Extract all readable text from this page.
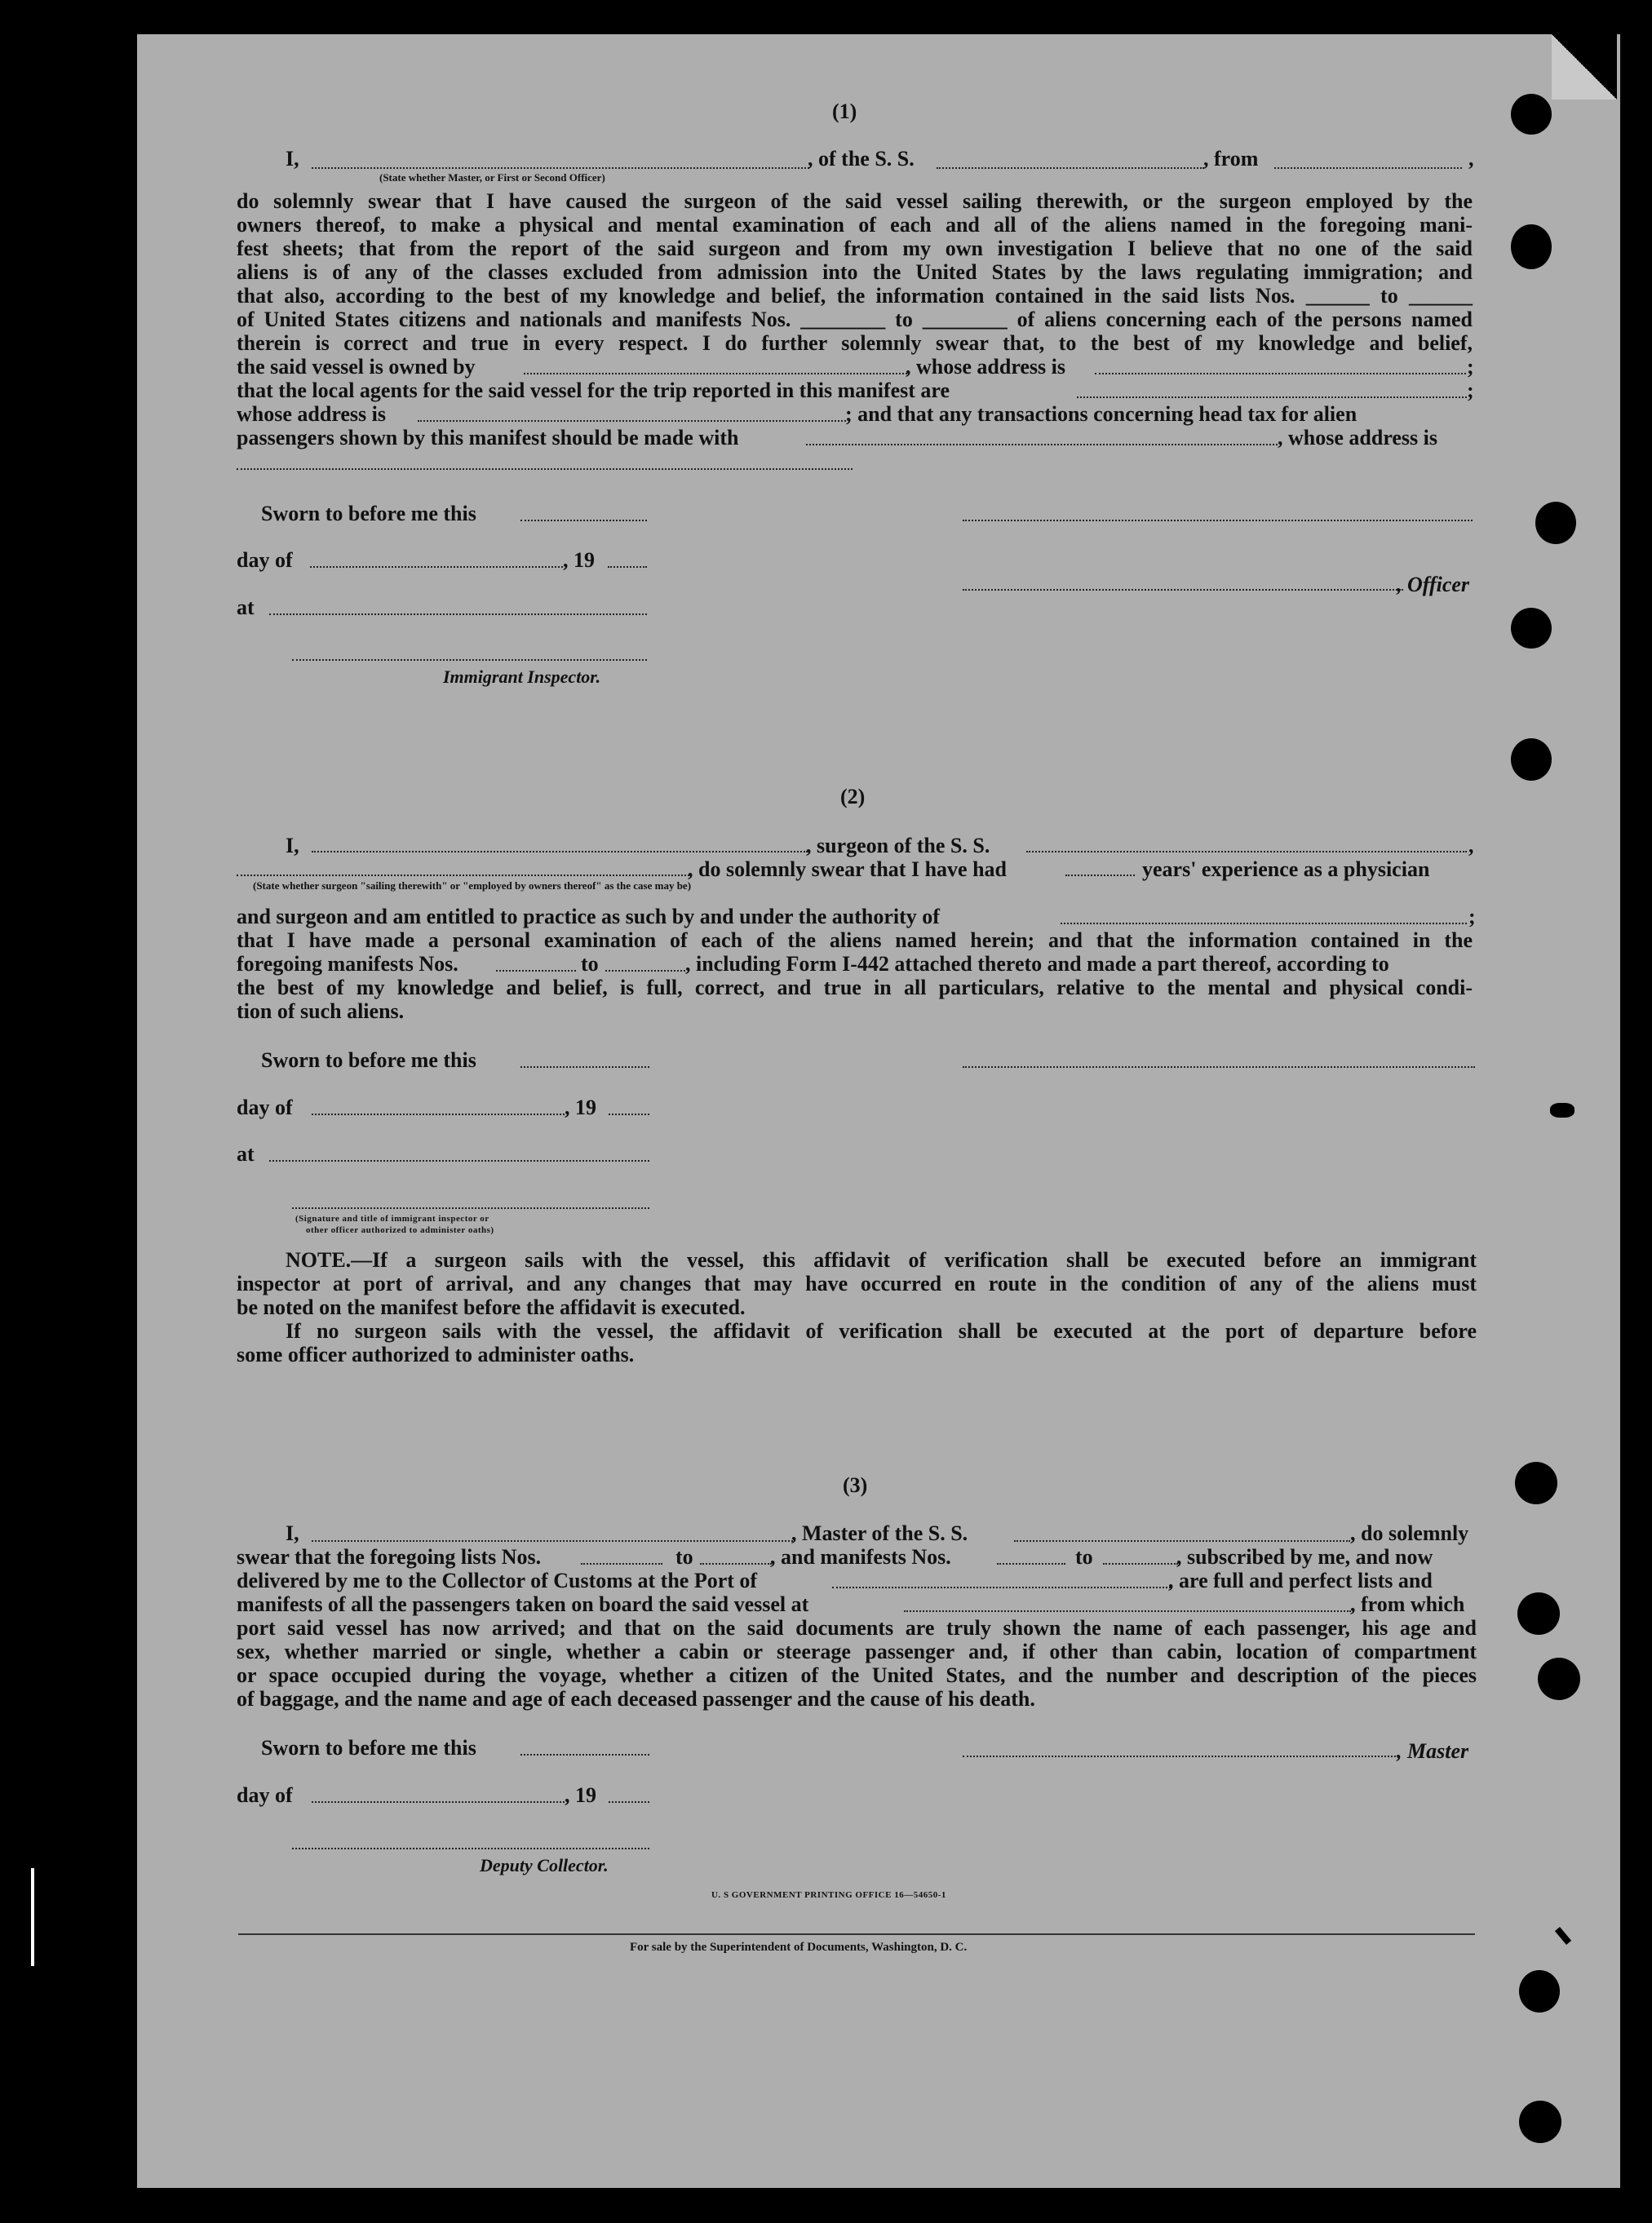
(1)
I,	, of the S. S.	, from	,
(State whether Master, or First or Second Officer)
do solemnly swear that I have caused the surgeon of the said vessel sailing therewith, or the surgeon employed by the
owners thereof, to make a physical and mental examination of each and all of the aliens named in the foregoing mani-
fest sheets; that from the report of the said surgeon and from my own investigation I believe that no one of the said
aliens is of any of the classes excluded from admission into the United States by the laws regulating immigration; and
that also, according to the best of my knowledge and belief, the information contained in the said lists Nos. ______ to ______
of United States citizens and nationals and manifests Nos. ________ to ________ of aliens concerning each of the persons named
therein is correct and true in every respect. I do further solemnly swear that, to the best of my knowledge and belief,
the said vessel is owned by	, whose address is	;
that the local agents for the said vessel for the trip reported in this manifest are	;
whose address is	; and that any transactions concerning head tax for alien
passengers shown by this manifest should be made with	, whose address is
Sworn to before me this
day of	, 19
, Officer
at
Immigrant Inspector.
(2)
I,	, surgeon of the S. S.	,
, do solemnly swear that I have had	years' experience as a physician
(State whether surgeon "sailing therewith" or "employed by owners thereof" as the case may be)
and surgeon and am entitled to practice as such by and under the authority of	;
that I have made a personal examination of each of the aliens named herein; and that the information contained in the
foregoing manifests Nos.	to	, including Form I-442 attached thereto and made a part thereof, according to
the best of my knowledge and belief, is full, correct, and true in all particulars, relative to the mental and physical condi-
tion of such aliens.
Sworn to before me this
day of	, 19
at
(Signature and title of immigrant inspector or
other officer authorized to administer oaths)
NOTE.—If a surgeon sails with the vessel, this affidavit of verification shall be executed before an immigrant
inspector at port of arrival, and any changes that may have occurred en route in the condition of any of the aliens must
be noted on the manifest before the affidavit is executed.
If no surgeon sails with the vessel, the affidavit of verification shall be executed at the port of departure before
some officer authorized to administer oaths.
(3)
I,	, Master of the S. S.	, do solemnly
swear that the foregoing lists Nos.	to	, and manifests Nos.	to	, subscribed by me, and now
delivered by me to the Collector of Customs at the Port of	, are full and perfect lists and
manifests of all the passengers taken on board the said vessel at	, from which
port said vessel has now arrived; and that on the said documents are truly shown the name of each passenger, his age and
sex, whether married or single, whether a cabin or steerage passenger and, if other than cabin, location of compartment
or space occupied during the voyage, whether a citizen of the United States, and the number and description of the pieces
of baggage, and the name and age of each deceased passenger and the cause of his death.
Sworn to before me this	, Master
day of	, 19
Deputy Collector.
U. S GOVERNMENT PRINTING OFFICE 16—54650-1
For sale by the Superintendent of Documents, Washington, D. C.
